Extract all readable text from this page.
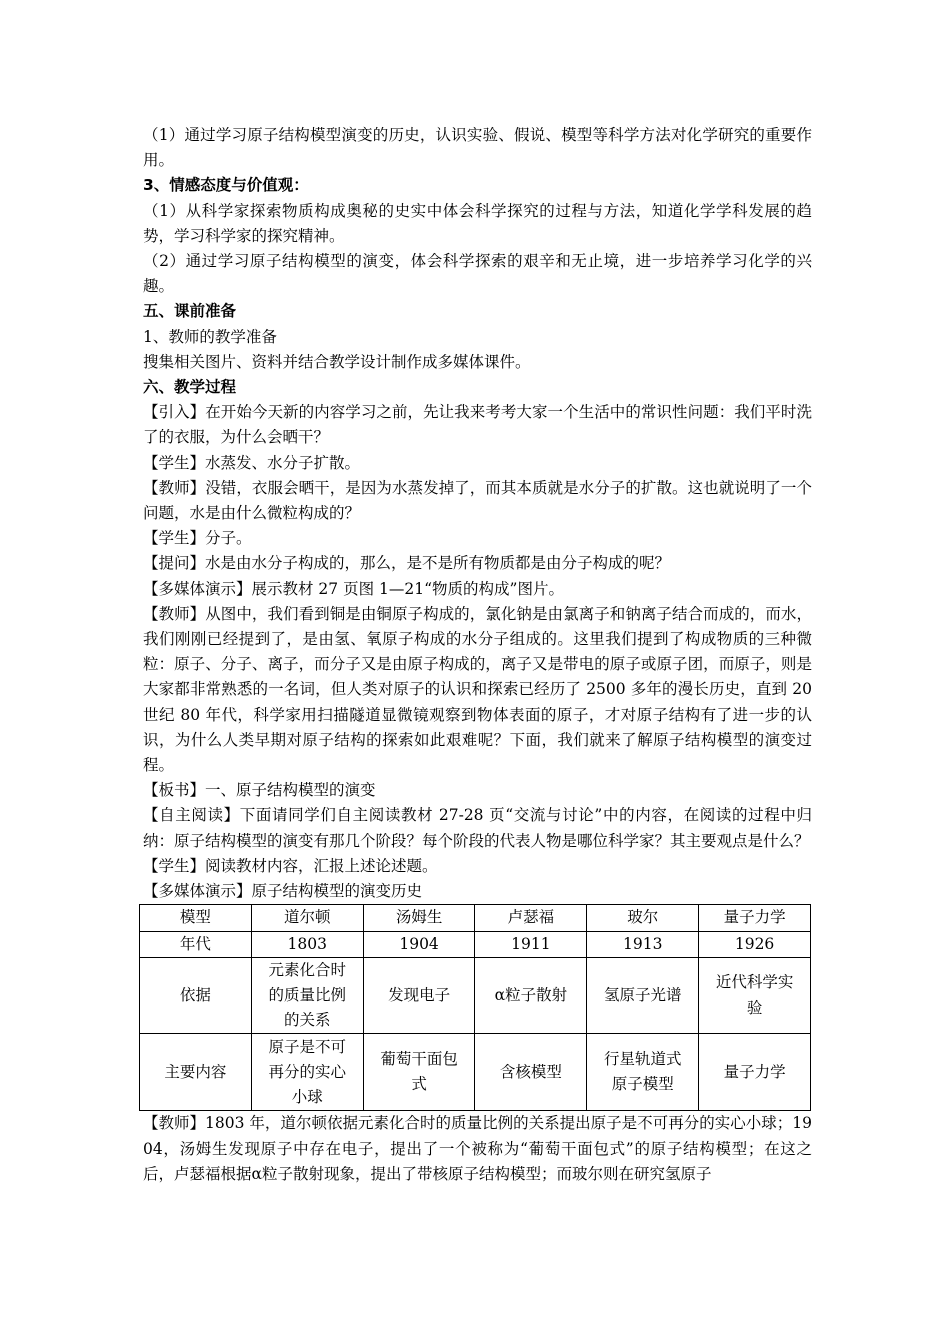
（1）通过学习原子结构模型演变的历史，认识实验、假说、模型等科学方法对化学研究的重要作用。

3、情感态度与价值观：

（1）从科学家探索物质构成奥秘的史实中体会科学探究的过程与方法，知道化学学科发展的趋势，学习科学家的探究精神。

（2）通过学习原子结构模型的演变，体会科学探索的艰辛和无止境，进一步培养学习化学的兴趣。

五、课前准备

1、教师的教学准备

搜集相关图片、资料并结合教学设计制作成多媒体课件。

六、教学过程

【引入】在开始今天新的内容学习之前，先让我来考考大家一个生活中的常识性问题：我们平时洗了的衣服，为什么会晒干？

【学生】水蒸发、水分子扩散。

【教师】没错，衣服会晒干，是因为水蒸发掉了，而其本质就是水分子的扩散。这也就说明了一个问题，水是由什么微粒构成的？

【学生】分子。

【提问】水是由水分子构成的，那么，是不是所有物质都是由分子构成的呢？

【多媒体演示】展示教材 27 页图 1—21“物质的构成”图片。

【教师】从图中，我们看到铜是由铜原子构成的，氯化钠是由氯离子和钠离子结合而成的，而水，我们刚刚已经提到了，是由氢、氧原子构成的水分子组成的。这里我们提到了构成物质的三种微粒：原子、分子、离子，而分子又是由原子构成的，离子又是带电的原子或原子团，而原子，则是大家都非常熟悉的一名词，但人类对原子的认识和探索已经历了 2500 多年的漫长历史，直到 20 世纪 80 年代，科学家用扫描隧道显微镜观察到物体表面的原子，才对原子结构有了进一步的认识，为什么人类早期对原子结构的探索如此艰难呢？下面，我们就来了解原子结构模型的演变过程。

【板书】一、原子结构模型的演变

【自主阅读】下面请同学们自主阅读教材 27-28 页“交流与讨论”中的内容，在阅读的过程中归纳：原子结构模型的演变有那几个阶段？每个阶段的代表人物是哪位科学家？其主要观点是什么？

【学生】阅读教材内容，汇报上述论述题。

【多媒体演示】原子结构模型的演变历史

模型	道尔顿	汤姆生	卢瑟福	玻尔	量子力学
年代	1803	1904	1911	1913	1926
依据	元素化合时的质量比例的关系	发现电子	α粒子散射	氢原子光谱	近代科学实验
主要内容	原子是不可再分的实心小球	葡萄干面包式	含核模型	行星轨道式原子模型	量子力学

【教师】1803 年，道尔顿依据元素化合时的质量比例的关系提出原子是不可再分的实心小球；1904，汤姆生发现原子中存在电子，提出了一个被称为“葡萄干面包式”的原子结构模型；在这之后，卢瑟福根据α粒子散射现象，提出了带核原子结构模型；而玻尔则在研究氢原子
